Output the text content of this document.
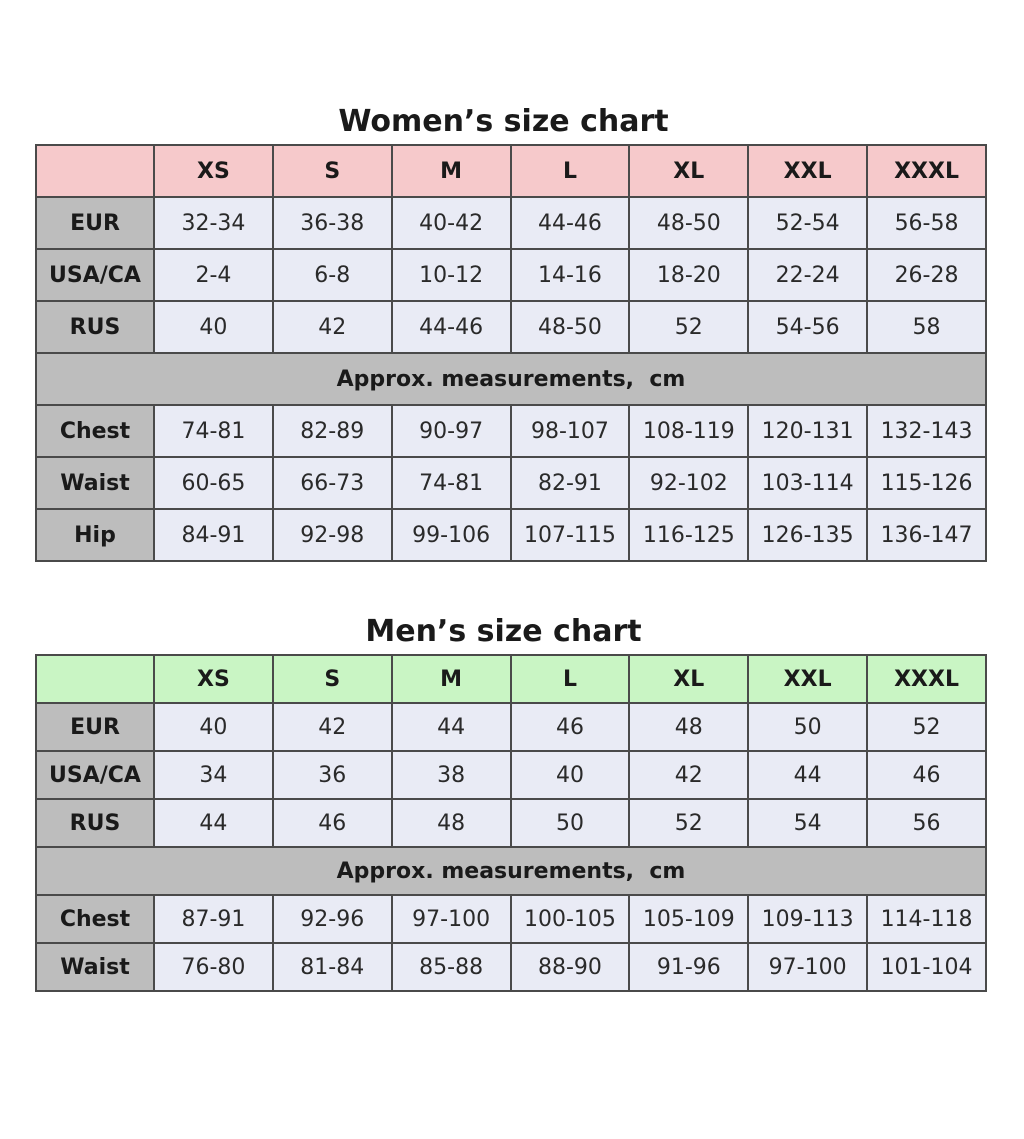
Women’s size chart
	XS	S	M	L	XL	XXL	XXXL
EUR	32-34	36-38	40-42	44-46	48-50	52-54	56-58
USA/CA	2-4	6-8	10-12	14-16	18-20	22-24	26-28
RUS	40	42	44-46	48-50	52	54-56	58
Approx. measurements,  cm							
Chest	74-81	82-89	90-97	98-107	108-119	120-131	132-143
Waist	60-65	66-73	74-81	82-91	92-102	103-114	115-126
Hip	84-91	92-98	99-106	107-115	116-125	126-135	136-147
Men’s size chart
	XS	S	M	L	XL	XXL	XXXL
EUR	40	42	44	46	48	50	52
USA/CA	34	36	38	40	42	44	46
RUS	44	46	48	50	52	54	56
Approx. measurements,  cm							
Chest	87-91	92-96	97-100	100-105	105-109	109-113	114-118
Waist	76-80	81-84	85-88	88-90	91-96	97-100	101-104
